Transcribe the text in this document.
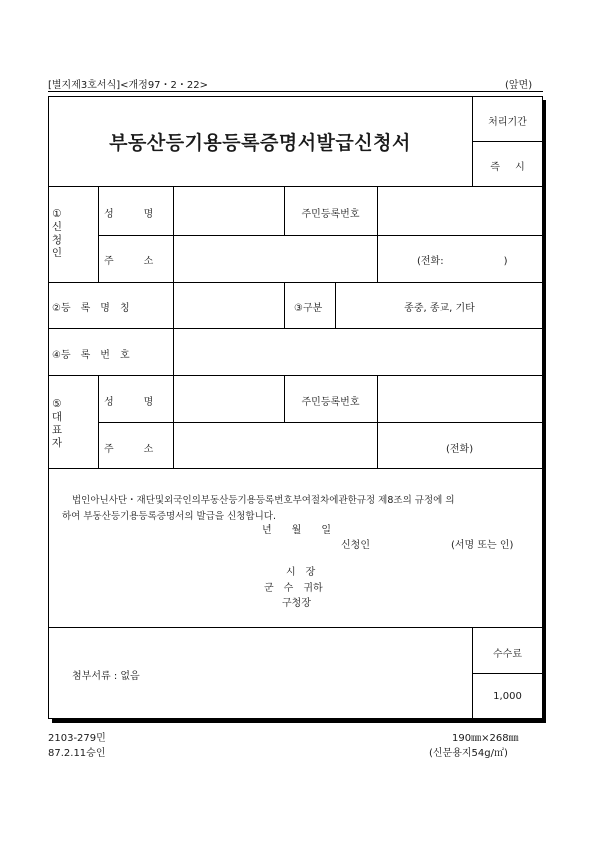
[별지제3호서식]<개정97・2・22>	(앞면)
부동산등기용등록증명서발급신청서
처리기간
즉 시
①
신
청
인
성　　　명	주민등록번호
주　　　소	(전화:　　　　　　)
②등　록　명　칭	③구분	종중, 종교, 기타
④등　록　번　호
⑤
대
표
자
성　　　명	주민등록번호
주　　　소	(전화)
법인아닌사단・재단및외국인의부동산등기용등록번호부여절차에관한규정 제8조의 규정에 의
하여 부동산등기용등록증명서의 발급을 신청합니다.
년　　월　　일
신청인	(서명 또는 인)
시　장
군　수　귀하
구청장
첨부서류 : 없음
수수료
1,000
2103-279민
87.2.11승인
190㎜×268㎜
(신문용지54g/㎡)
